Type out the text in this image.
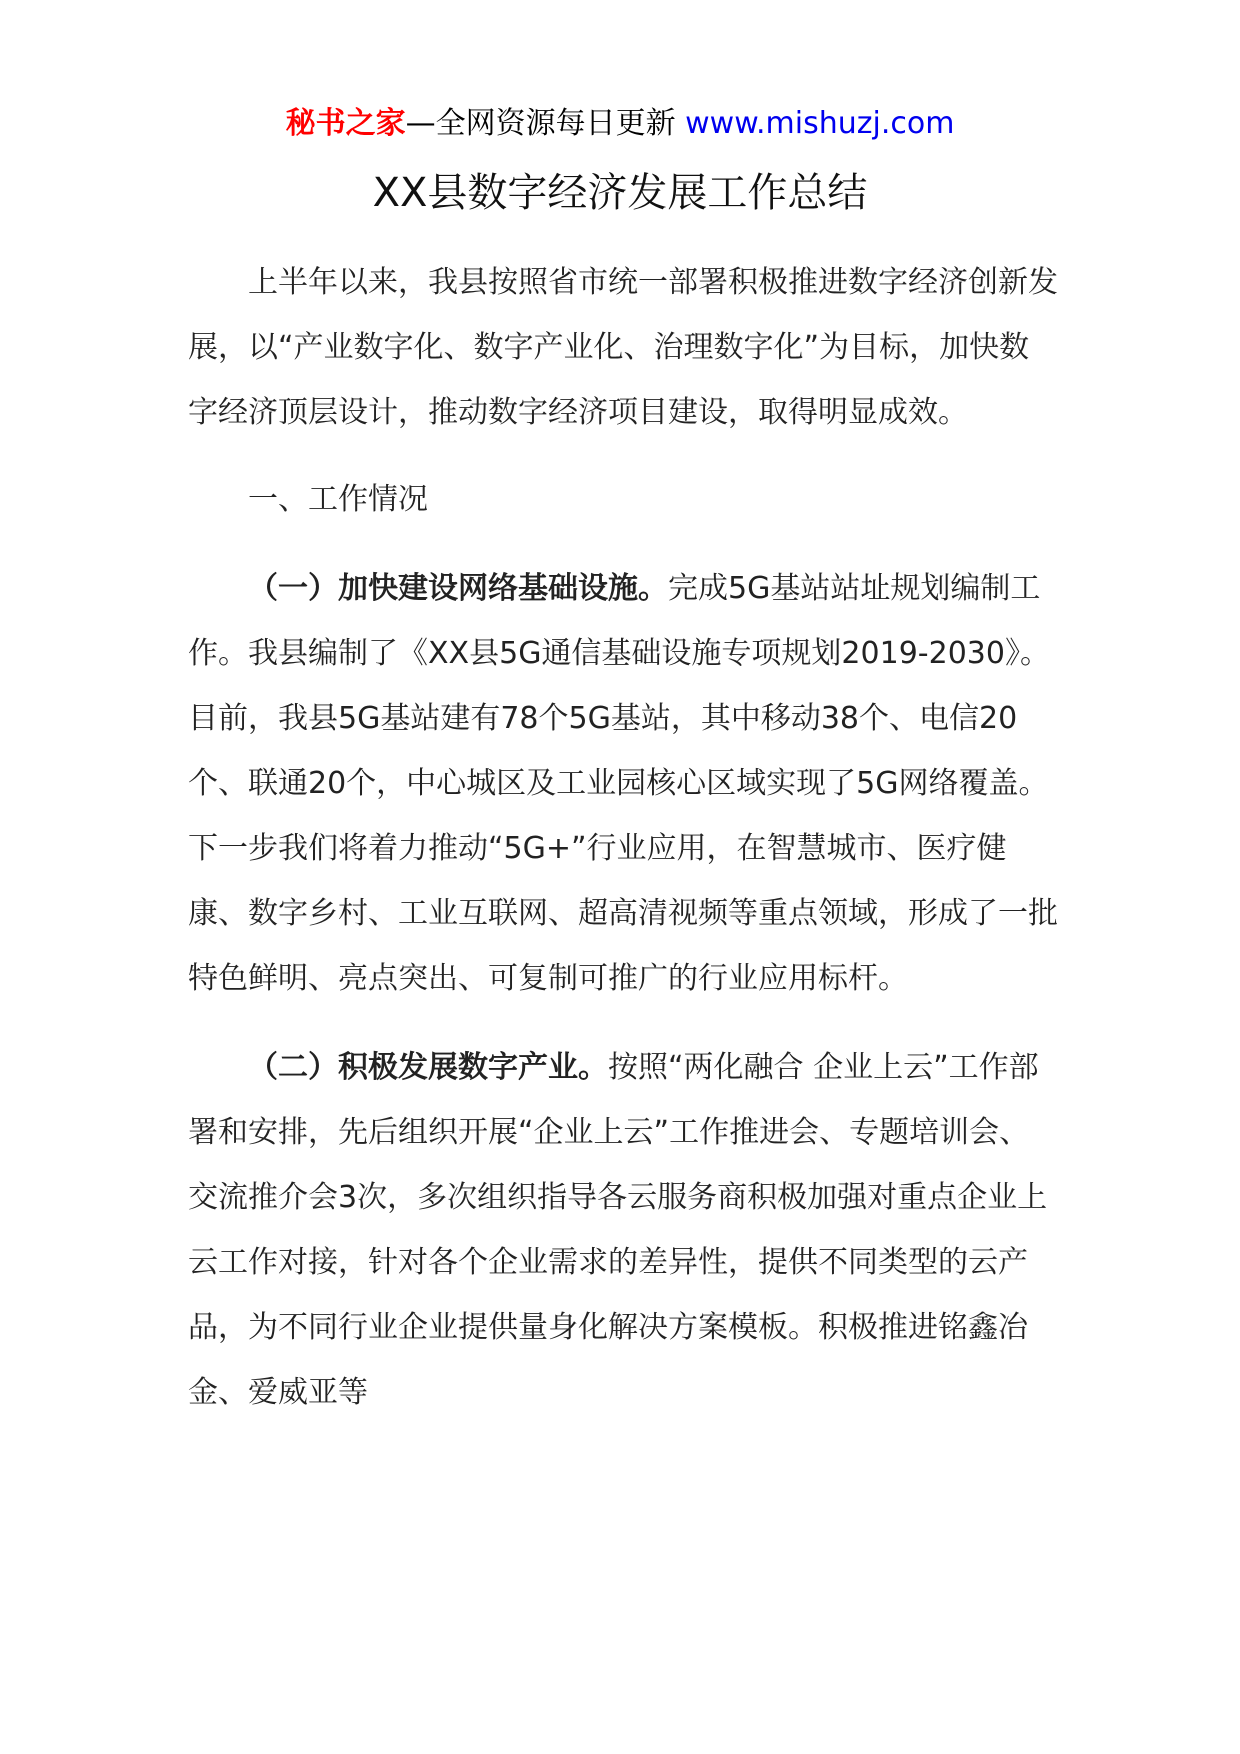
秘书之家—全网资源每日更新 www.mishuzj.com
XX县数字经济发展工作总结

上半年以来，我县按照省市统一部署积极推进数字经济创新发展，以“产业数字化、数字产业化、治理数字化”为目标，加快数字经济顶层设计，推动数字经济项目建设，取得明显成效。

一、工作情况

（一）加快建设网络基础设施。完成5G基站站址规划编制工作。我县编制了《XX县5G通信基础设施专项规划2019-2030》。目前，我县5G基站建有78个5G基站，其中移动38个、电信20个、联通20个，中心城区及工业园核心区域实现了5G网络覆盖。下一步我们将着力推动“5G+”行业应用，在智慧城市、医疗健康、数字乡村、工业互联网、超高清视频等重点领域，形成了一批特色鲜明、亮点突出、可复制可推广的行业应用标杆。

（二）积极发展数字产业。按照“两化融合 企业上云”工作部署和安排，先后组织开展“企业上云”工作推进会、专题培训会、交流推介会3次，多次组织指导各云服务商积极加强对重点企业上云工作对接，针对各个企业需求的差异性，提供不同类型的云产品，为不同行业企业提供量身化解决方案模板。积极推进铭鑫冶金、爱威亚等
